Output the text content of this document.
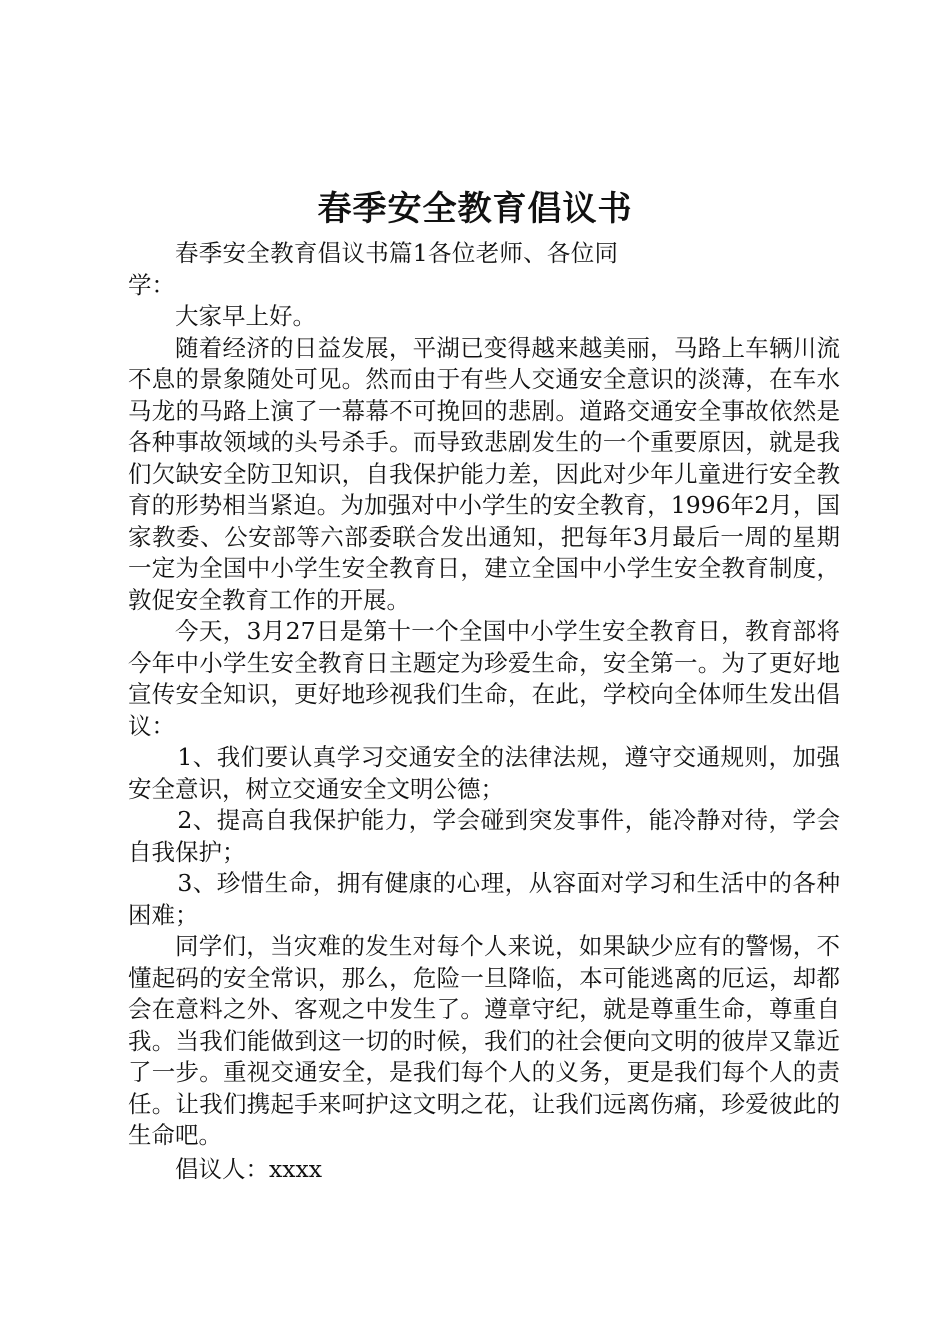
春季安全教育倡议书

春季安全教育倡议书篇1各位老师、各位同学：

大家早上好。

随着经济的日益发展，平湖已变得越来越美丽，马路上车辆川流不息的景象随处可见。然而由于有些人交通安全意识的淡薄，在车水马龙的马路上演了一幕幕不可挽回的悲剧。道路交通安全事故依然是各种事故领域的头号杀手。而导致悲剧发生的一个重要原因，就是我们欠缺安全防卫知识，自我保护能力差，因此对少年儿童进行安全教育的形势相当紧迫。为加强对中小学生的安全教育，1996年2月，国家教委、公安部等六部委联合发出通知，把每年3月最后一周的星期一定为全国中小学生安全教育日，建立全国中小学生安全教育制度，敦促安全教育工作的开展。

今天，3月27日是第十一个全国中小学生安全教育日，教育部将今年中小学生安全教育日主题定为珍爱生命，安全第一。为了更好地宣传安全知识，更好地珍视我们生命，在此，学校向全体师生发出倡议：

1、我们要认真学习交通安全的法律法规，遵守交通规则，加强安全意识，树立交通安全文明公德；

2、提高自我保护能力，学会碰到突发事件，能冷静对待，学会自我保护；

3、珍惜生命，拥有健康的心理，从容面对学习和生活中的各种困难；

同学们，当灾难的发生对每个人来说，如果缺少应有的警惕，不懂起码的安全常识，那么，危险一旦降临，本可能逃离的厄运，却都会在意料之外、客观之中发生了。遵章守纪，就是尊重生命，尊重自我。当我们能做到这一切的时候，我们的社会便向文明的彼岸又靠近了一步。重视交通安全，是我们每个人的义务，更是我们每个人的责任。让我们携起手来呵护这文明之花，让我们远离伤痛，珍爱彼此的生命吧。

倡议人：xxxx
